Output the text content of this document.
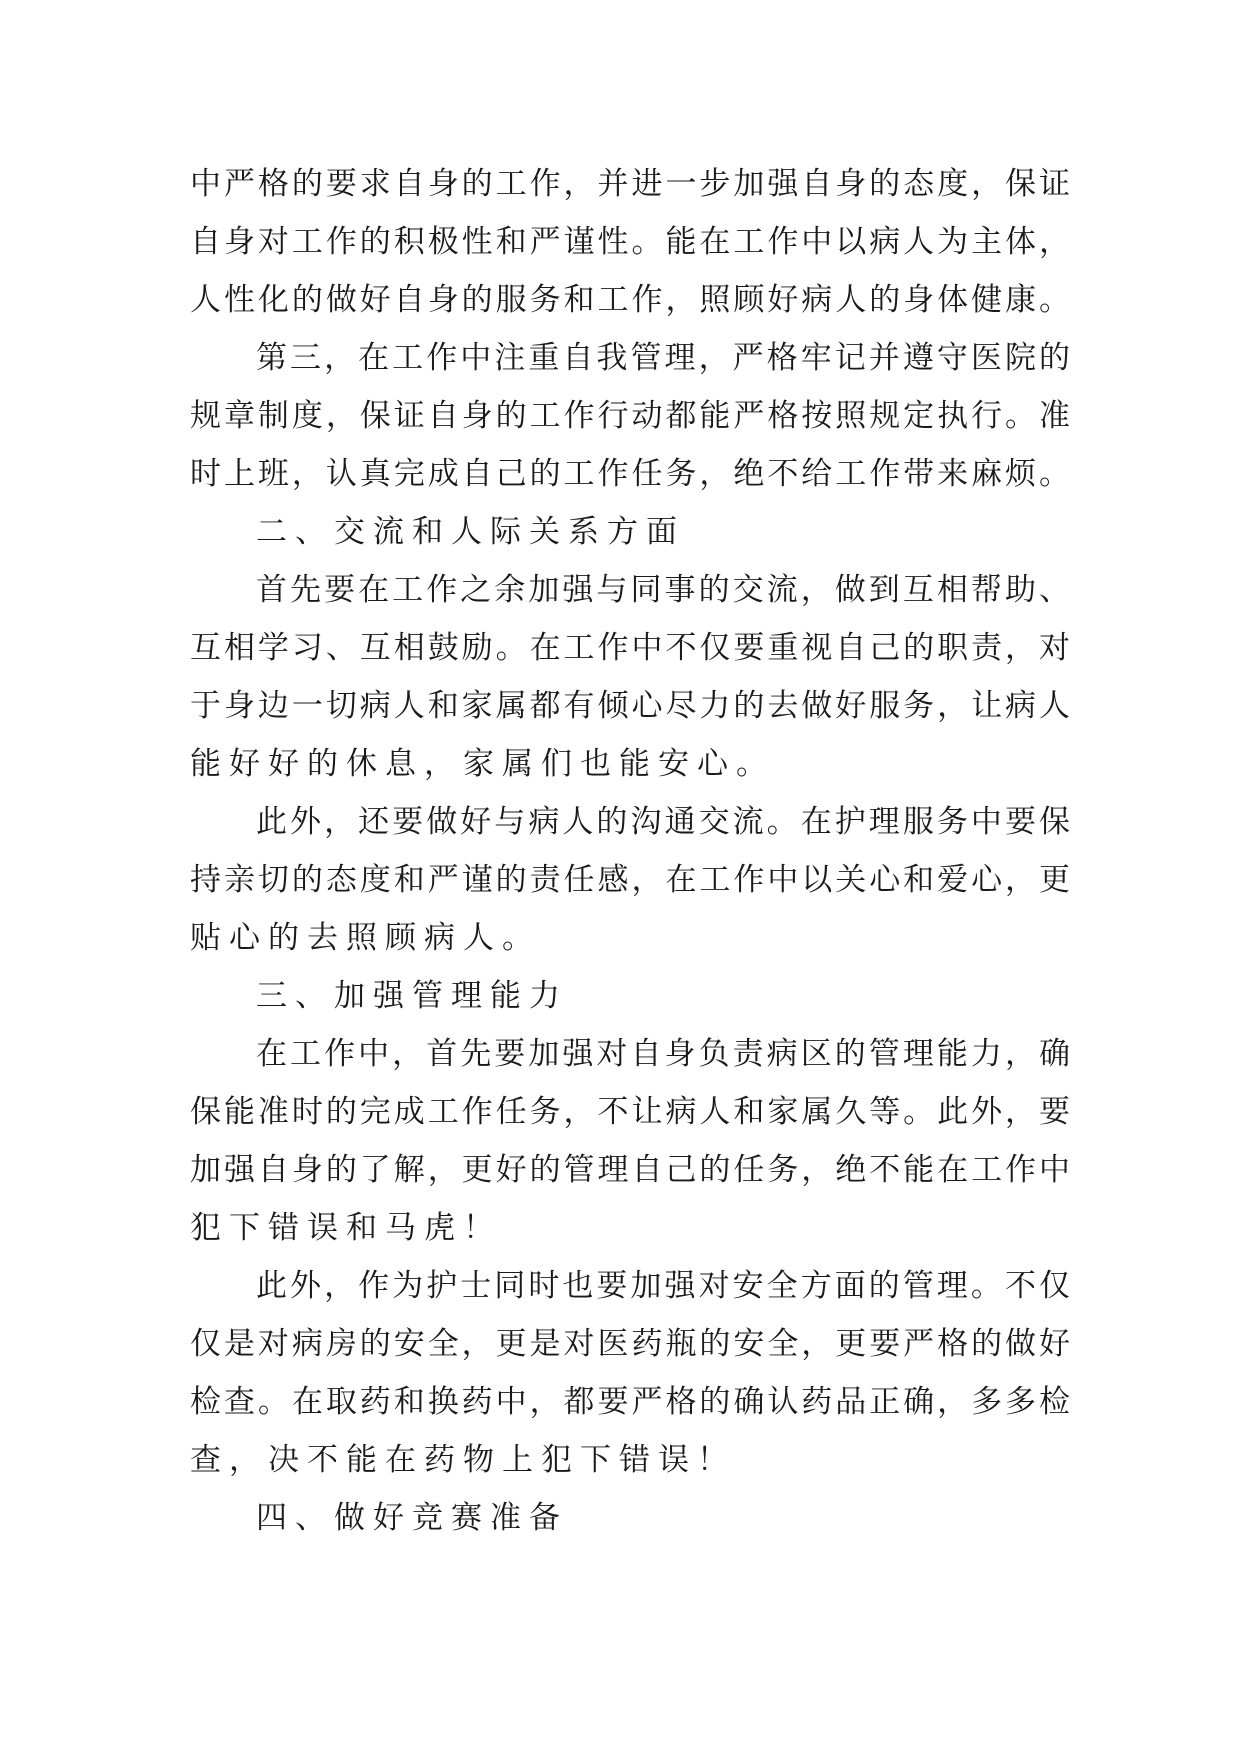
中严格的要求自身的工作，并进一步加强自身的态度，保证
自身对工作的积极性和严谨性。能在工作中以病人为主体，
人性化的做好自身的服务和工作，照顾好病人的身体健康。
第三，在工作中注重自我管理，严格牢记并遵守医院的
规章制度，保证自身的工作行动都能严格按照规定执行。准
时上班，认真完成自己的工作任务，绝不给工作带来麻烦。
二、交流和人际关系方面
首先要在工作之余加强与同事的交流，做到互相帮助、
互相学习、互相鼓励。在工作中不仅要重视自己的职责，对
于身边一切病人和家属都有倾心尽力的去做好服务，让病人
能好好的休息，家属们也能安心。
此外，还要做好与病人的沟通交流。在护理服务中要保
持亲切的态度和严谨的责任感，在工作中以关心和爱心，更
贴心的去照顾病人。
三、加强管理能力
在工作中，首先要加强对自身负责病区的管理能力，确
保能准时的完成工作任务，不让病人和家属久等。此外，要
加强自身的了解，更好的管理自己的任务，绝不能在工作中
犯下错误和马虎！
此外，作为护士同时也要加强对安全方面的管理。不仅
仅是对病房的安全，更是对医药瓶的安全，更要严格的做好
检查。在取药和换药中，都要严格的确认药品正确，多多检
查，决不能在药物上犯下错误！
四、做好竞赛准备
